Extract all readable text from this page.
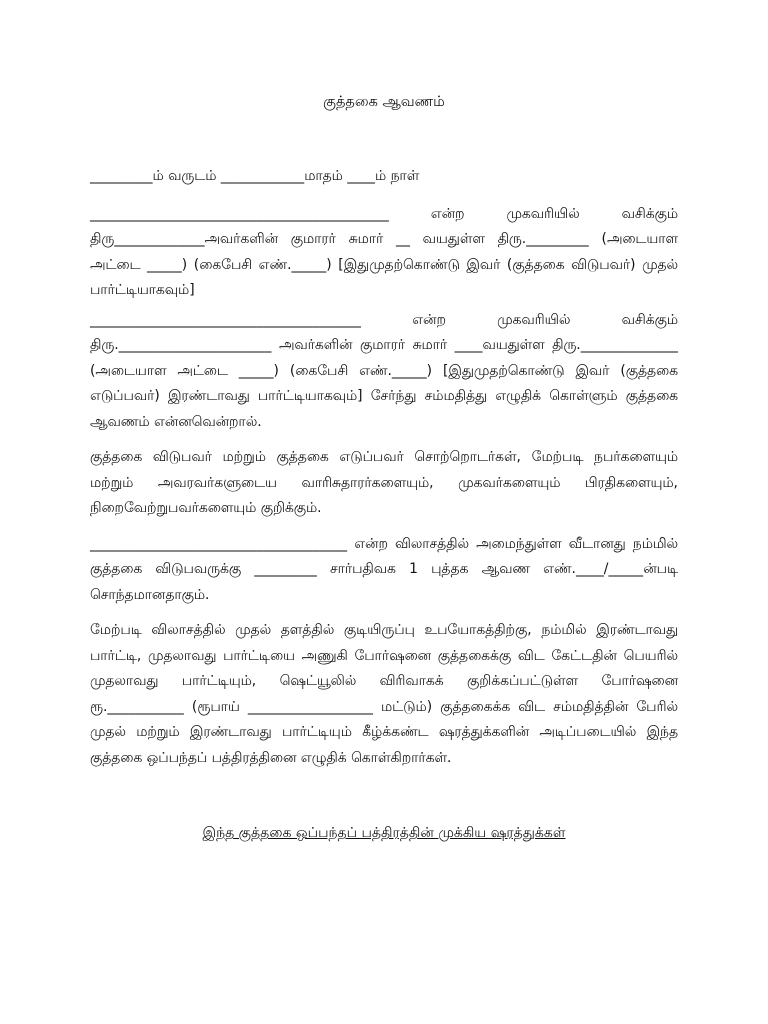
குத்தகை ஆவணம்

_________ம் வருடம் ____________மாதம் ____ம் நாள்

___________________________________________ என்ற முகவரியில் வசிக்கும் திரு_____________அவர்களின் குமாரர் சுமார் __ வயதுள்ள திரு._________ (அடையாள அட்டை _____) (கைபேசி எண்._____) [இதுமுதற்கொண்டு இவர் (குத்தகை விடுபவர்) முதல் பார்ட்டியாகவும்]

_______________________________________ என்ற முகவரியில் வசிக்கும் திரு.______________________ அவர்களின் குமாரர் சுமார் ____வயதுள்ள திரு.______________ (அடையாள அட்டை _____) (கைபேசி எண்._____) [இதுமுதற்கொண்டு இவர் (குத்தகை எடுப்பவர்) இரண்டாவது பார்ட்டியாகவும்] சேர்ந்து சம்மதித்து எழுதிக் கொள்ளும் குத்தகை ஆவணம் என்னவென்றால்.

குத்தகை விடுபவர் மற்றும் குத்தகை எடுப்பவர் சொற்றொடர்கள், மேற்படி நபர்களையும் மற்றும் அவரவர்களுடைய வாரிசுதாரர்களையும், முகவர்களையும் பிரதிகளையும், நிறைவேற்றுபவர்களையும் குறிக்கும்.

_____________________________________ என்ற விலாசத்தில் அமைந்துள்ள வீடானது நம்மில் குத்தகை விடுபவருக்கு _________ சார்பதிவக 1 புத்தக ஆவண எண்.____/_____ன்படி சொந்தமானதாகும்.

மேற்படி விலாசத்தில் முதல் தளத்தில் குடியிருப்பு உபயோகத்திற்கு, நம்மில் இரண்டாவது பார்ட்டி, முதலாவது பார்ட்டியை அணுகி போர்ஷனை குத்தகைக்கு விட கேட்டதின் பெயரில் முதலாவது பார்ட்டியும், ஷெட்யூலில் விரிவாகக் குறிக்கப்பட்டுள்ள போர்ஷனை ரூ.___________ (ரூபாய் __________________ மட்டும்) குத்தகைக்க விட சம்மதித்தின் பேரில் முதல் மற்றும் இரண்டாவது பார்ட்டியும் கீழ்க்கண்ட ஷரத்துக்களின் அடிப்படையில் இந்த குத்தகை ஒப்பந்தப் பத்திரத்தினை எழுதிக் கொள்கிறார்கள்.

இந்த குத்தகை ஒப்பந்தப் பத்திரத்தின் முக்கிய ஷரத்துக்கள்
